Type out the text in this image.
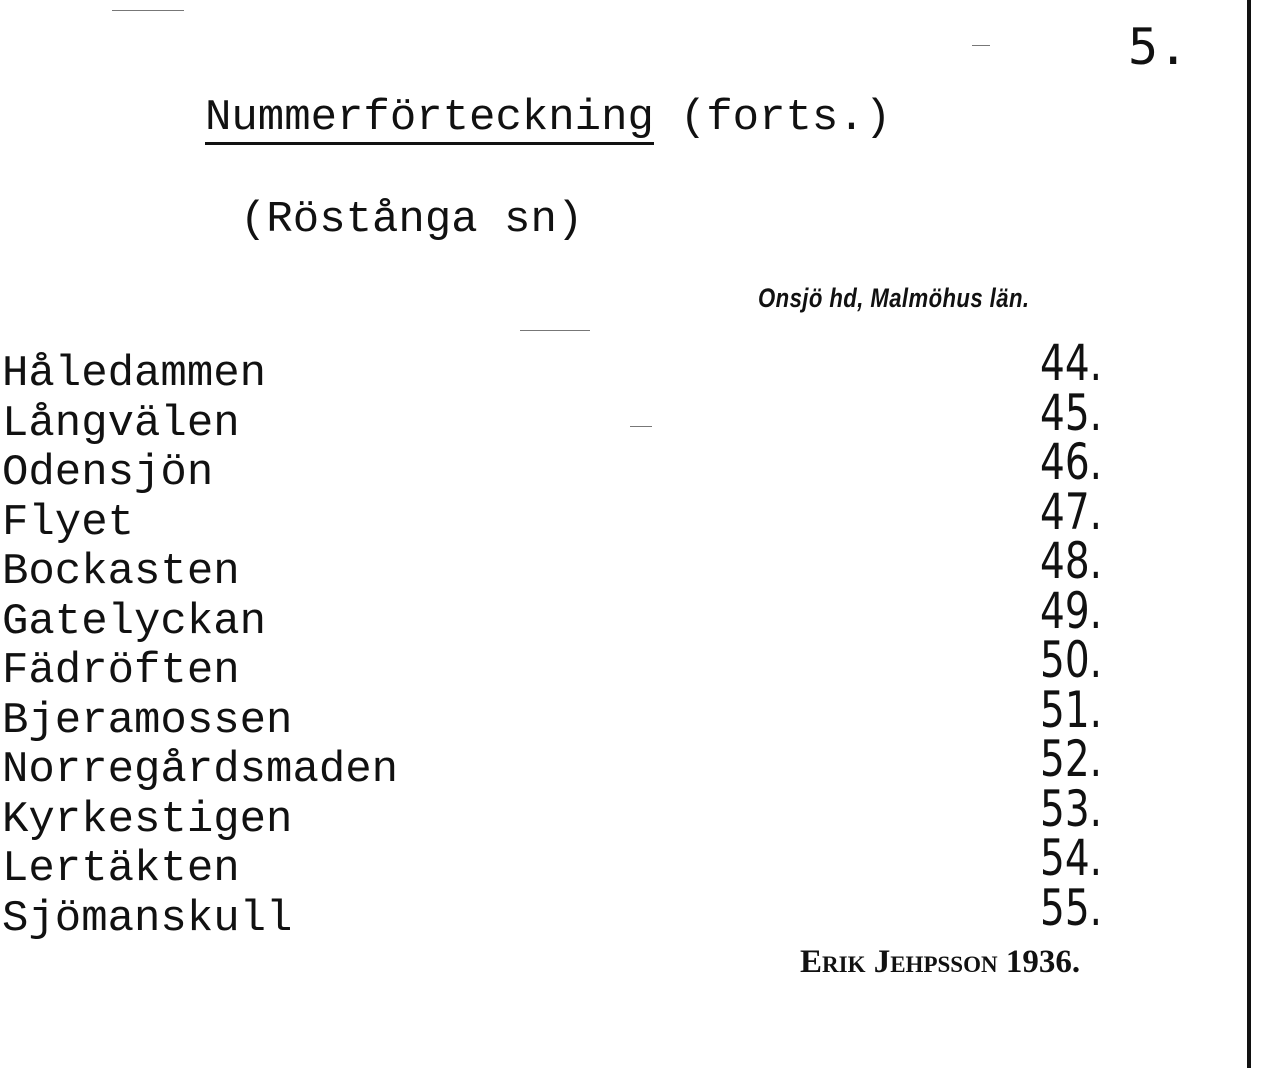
5.
Nummerförteckning (forts.)
(Röstånga sn)
Onsjö hd, Malmöhus län.
Håledammen	44.
Långvälen	45.
Odensjön	46.
Flyet	47.
Bockasten	48.
Gatelyckan	49.
Fädröften	50.
Bjeramossen	51.
Norregårdsmaden	52.
Kyrkestigen	53.
Lertäkten	54.
Sjömanskull	55.
Erik Jehpsson 1936.
